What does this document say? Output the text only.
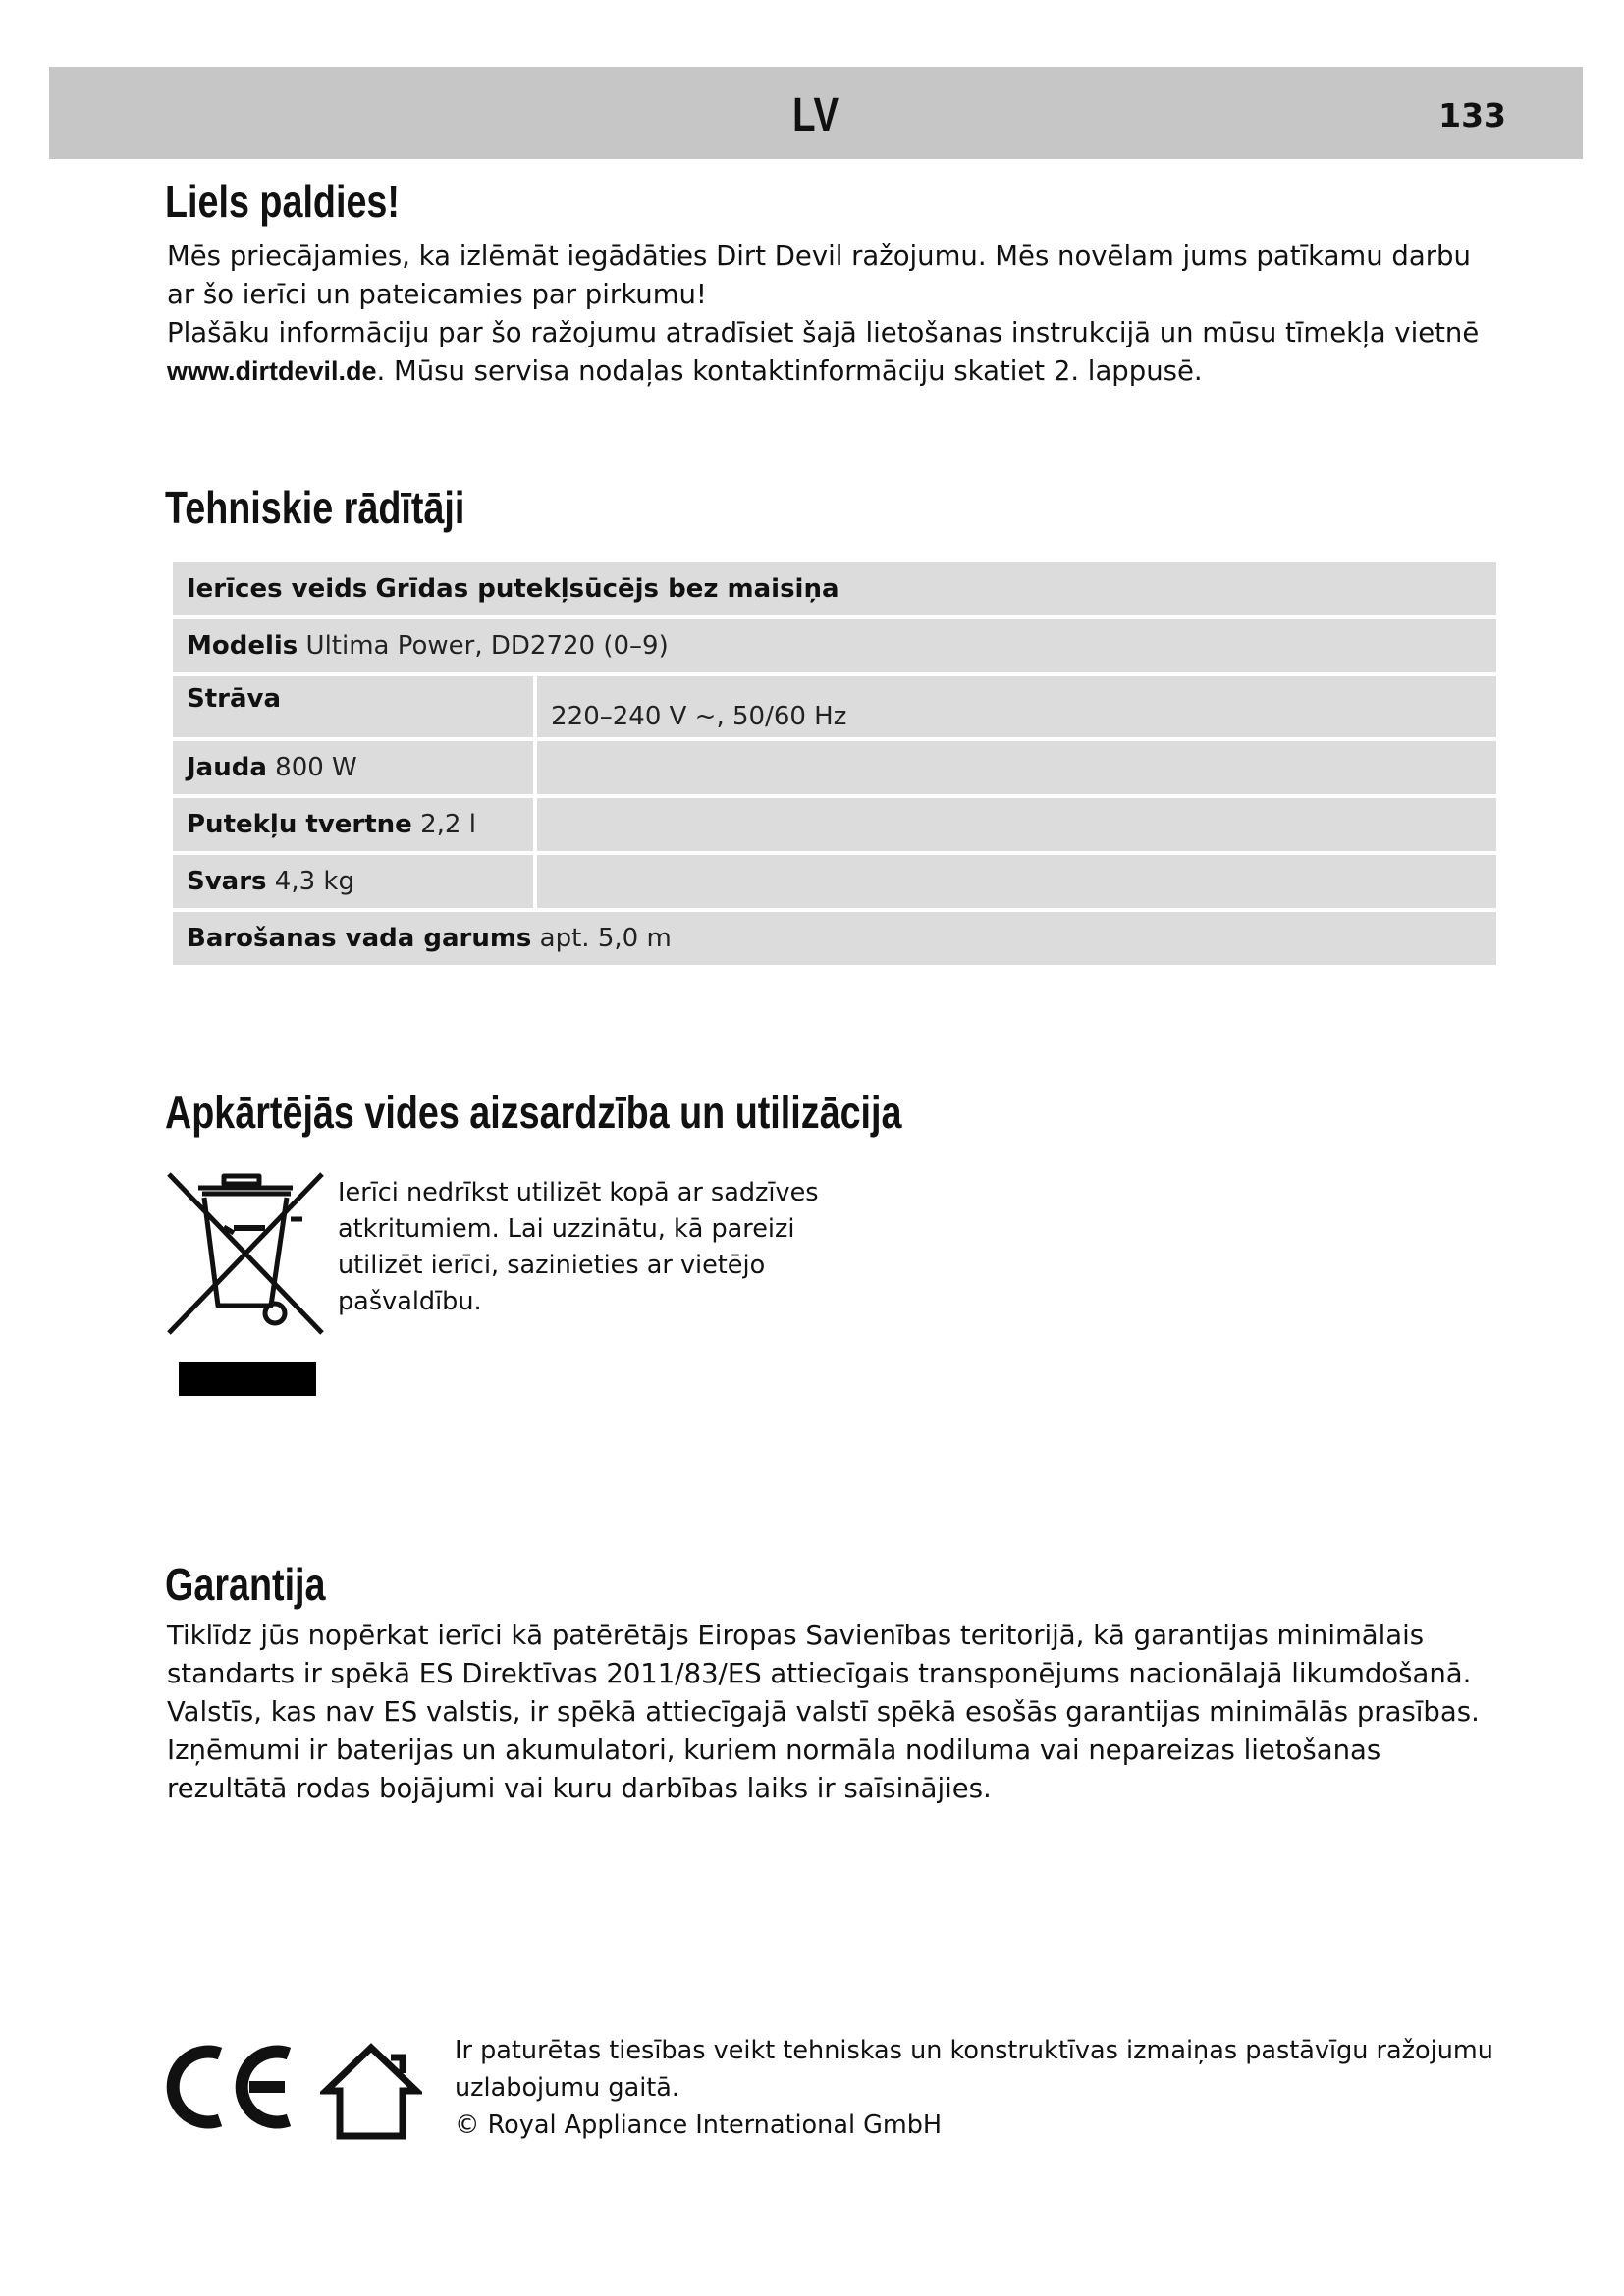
LV	133
Liels paldies!

Mēs priecājamies, ka izlēmāt iegādāties Dirt Devil ražojumu. Mēs novēlam jums patīkamu darbu ar šo ierīci un pateicamies par pirkumu!
Plašāku informāciju par šo ražojumu atradīsiet šajā lietošanas instrukcijā un mūsu tīmekļa vietnē www.dirtdevil.de. Mūsu servisa nodaļas kontaktinformāciju skatiet 2. lappusē.

Tehniskie rādītāji
Ierīces veids Grīdas putekļsūcējs bez maisiņa	
Modelis Ultima Power, DD2720 (0–9)	
Strāva	220–240 V ~, 50/60 Hz
Jauda 800 W	
Putekļu tvertne 2,2 l	
Svars 4,3 kg	
Barošanas vada garums apt. 5,0 m	
Apkārtējās vides aizsardzība un utilizācija

Ierīci nedrīkst utilizēt kopā ar sadzīves atkritumiem. Lai uzzinātu, kā pareizi utilizēt ierīci, sazinieties ar vietējo pašvaldību.

Garantija

Tiklīdz jūs nopērkat ierīci kā patērētājs Eiropas Savienības teritorijā, kā garantijas minimālais standarts ir spēkā ES Direktīvas 2011/83/ES attiecīgais transponējums nacionālajā likumdošanā. Valstīs, kas nav ES valstis, ir spēkā attiecīgajā valstī spēkā esošās garantijas minimālās prasības. Izņēmumi ir baterijas un akumulatori, kuriem normāla nodiluma vai nepareizas lietošanas rezultātā rodas bojājumi vai kuru darbības laiks ir saīsinājies.

Ir paturētas tiesības veikt tehniskas un konstruktīvas izmaiņas pastāvīgu ražojumu uzlabojumu gaitā.
© Royal Appliance International GmbH
